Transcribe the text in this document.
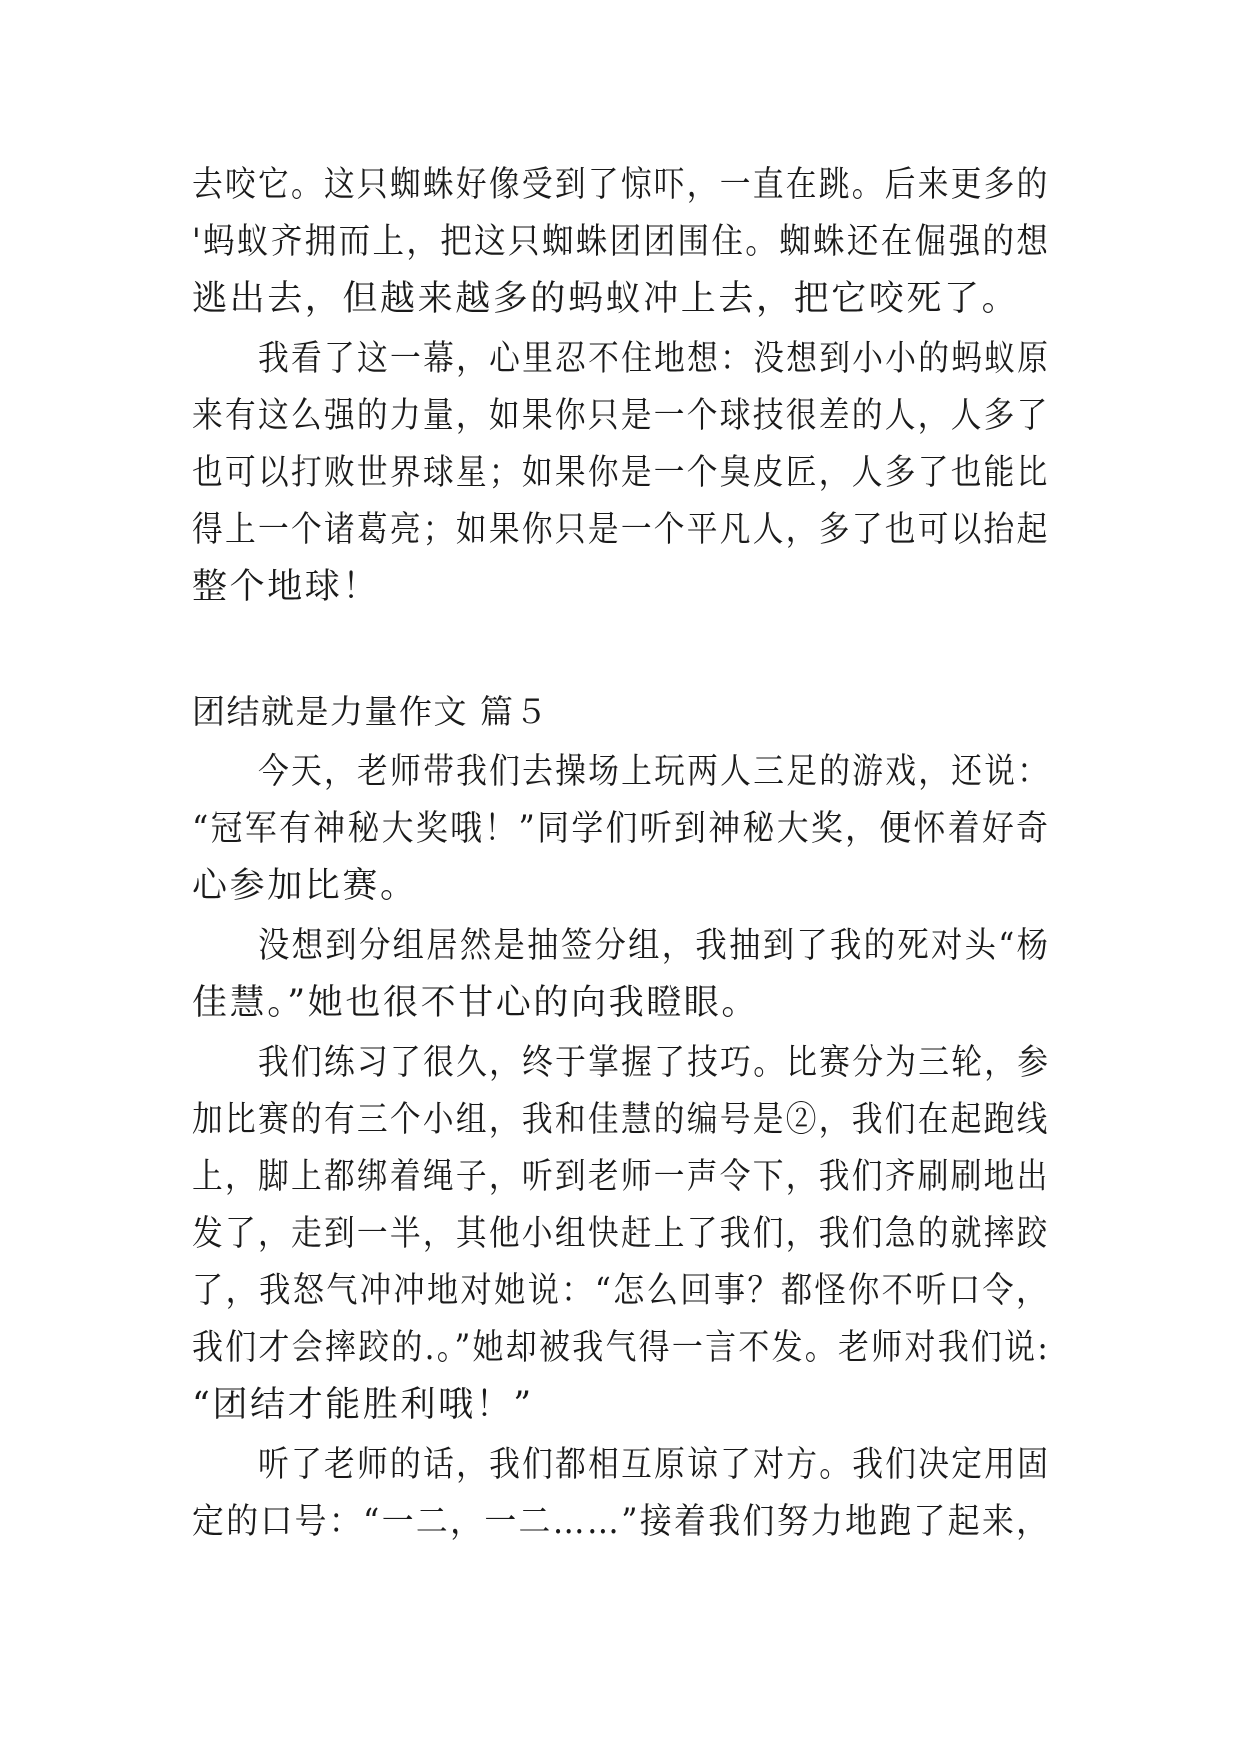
去咬它。这只蜘蛛好像受到了惊吓，一直在跳。后来更多的
'蚂蚁齐拥而上，把这只蜘蛛团团围住。蜘蛛还在倔强的想
逃出去，但越来越多的蚂蚁冲上去，把它咬死了。
我看了这一幕，心里忍不住地想：没想到小小的蚂蚁原
来有这么强的力量，如果你只是一个球技很差的人，人多了
也可以打败世界球星；如果你是一个臭皮匠，人多了也能比
得上一个诸葛亮；如果你只是一个平凡人，多了也可以抬起
整个地球！
团结就是力量作文 篇５
今天，老师带我们去操场上玩两人三足的游戏，还说：
“冠军有神秘大奖哦！”同学们听到神秘大奖，便怀着好奇
心参加比赛。
没想到分组居然是抽签分组，我抽到了我的死对头“杨
佳慧。”她也很不甘心的向我瞪眼。
我们练习了很久，终于掌握了技巧。比赛分为三轮，参
加比赛的有三个小组，我和佳慧的编号是②，我们在起跑线
上，脚上都绑着绳子，听到老师一声令下，我们齐刷刷地出
发了，走到一半，其他小组快赶上了我们，我们急的就摔跤
了，我怒气冲冲地对她说：“怎么回事？都怪你不听口令，
我们才会摔跤的.。”她却被我气得一言不发。老师对我们说:
“团结才能胜利哦！”
听了老师的话，我们都相互原谅了对方。我们决定用固
定的口号：“一二，一二……”接着我们努力地跑了起来，
